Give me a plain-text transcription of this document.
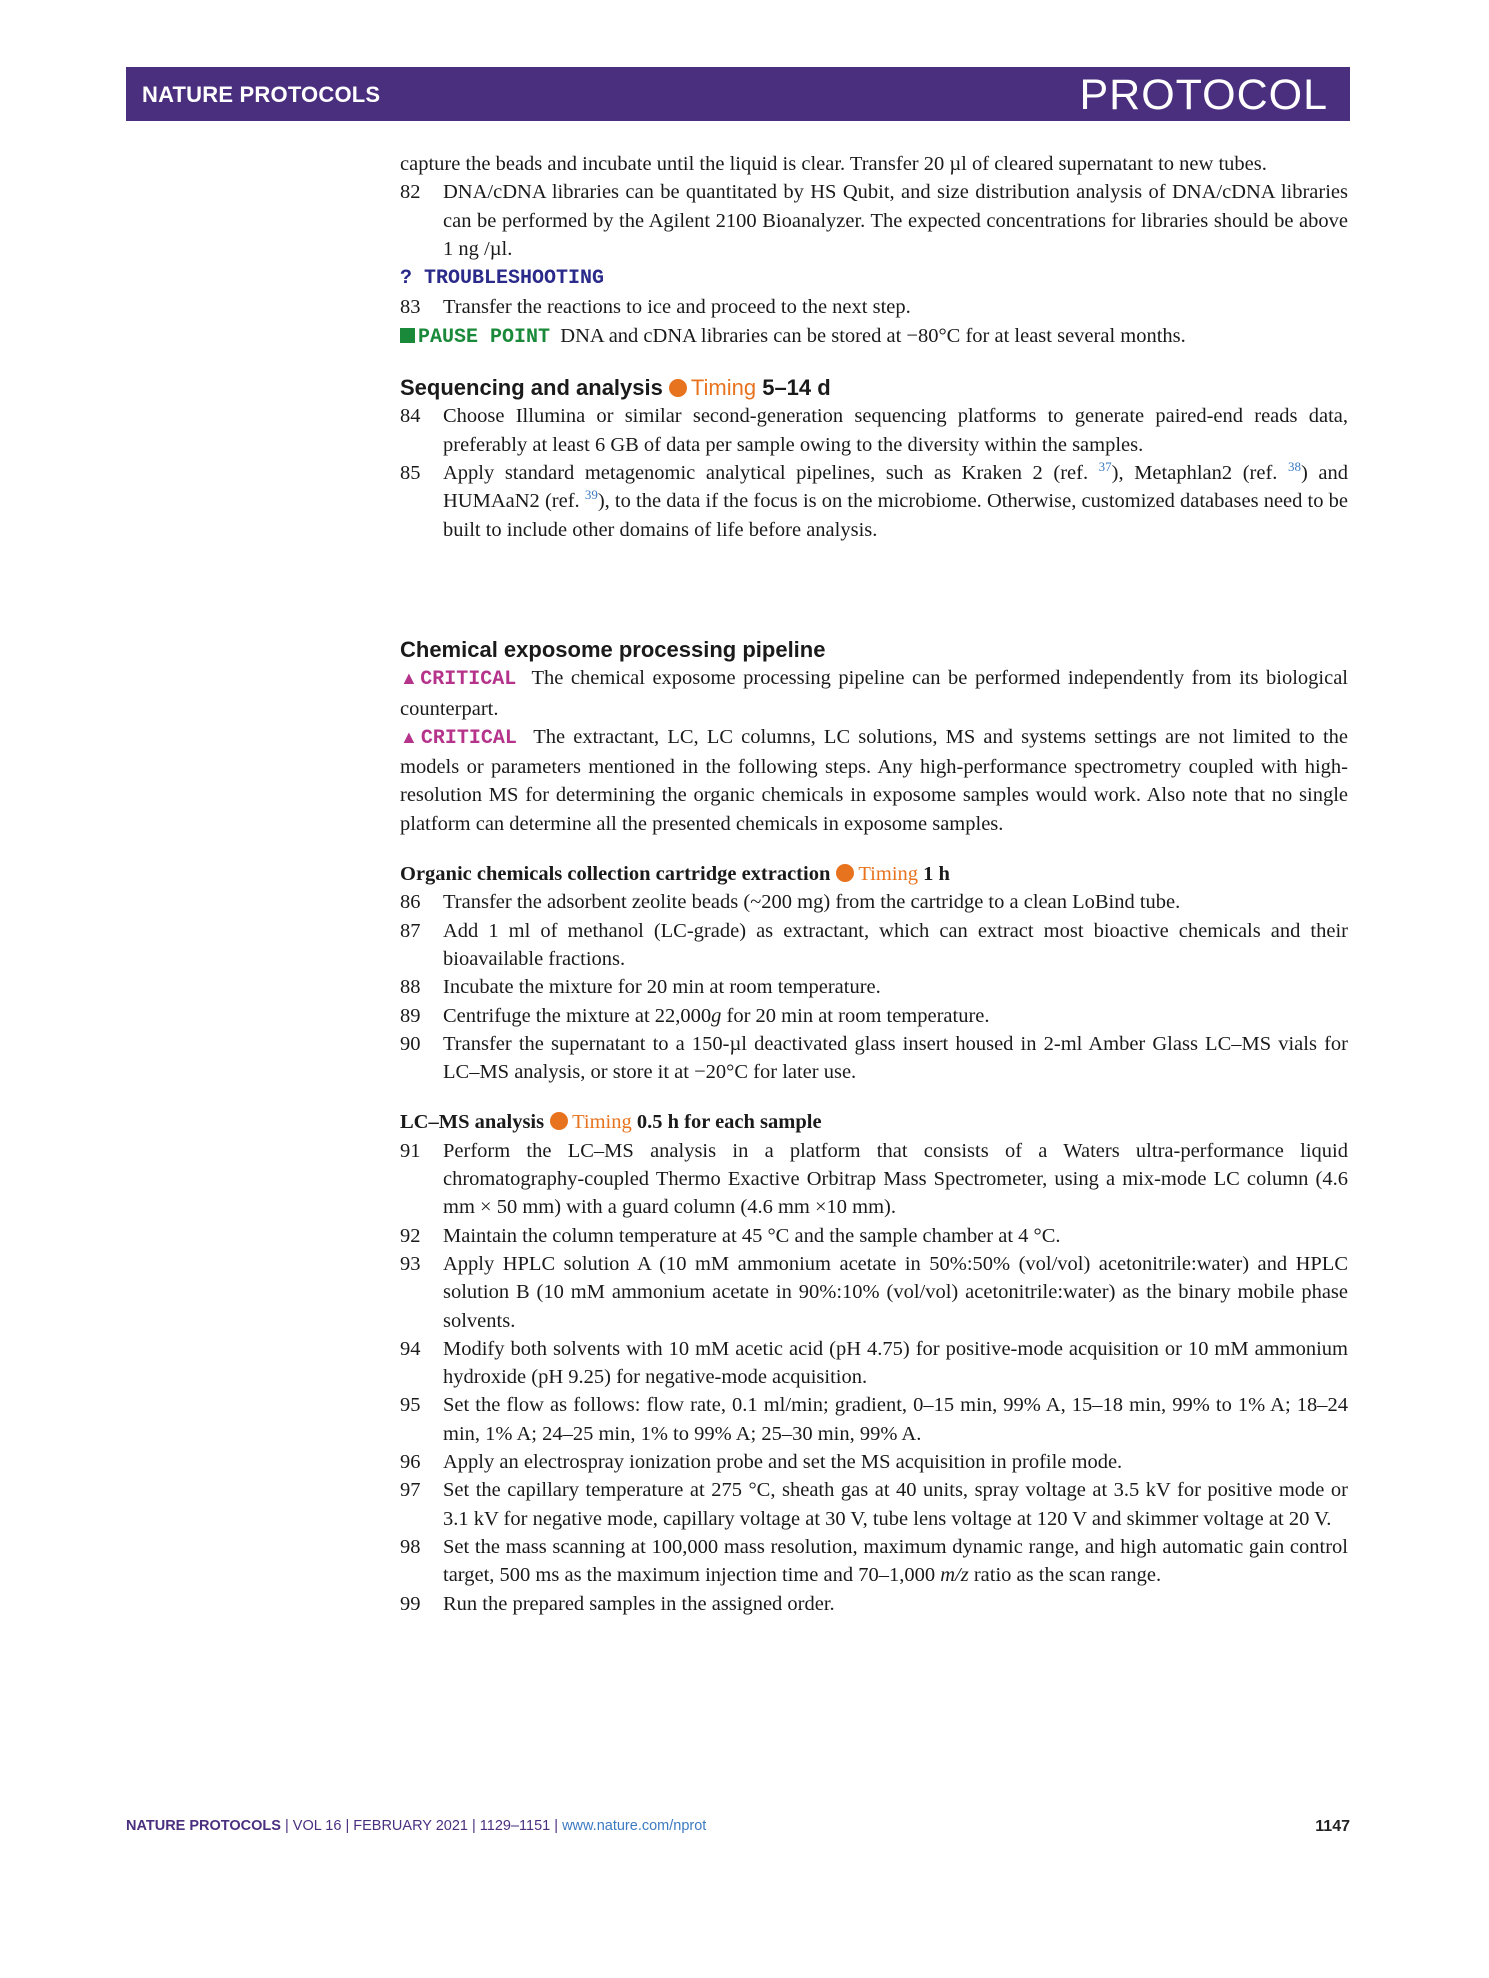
NATURE PROTOCOLS	PROTOCOL

capture the beads and incubate until the liquid is clear. Transfer 20 µl of cleared supernatant to new tubes.

82	DNA/cDNA libraries can be quantitated by HS Qubit, and size distribution analysis of DNA/cDNA libraries can be performed by the Agilent 2100 Bioanalyzer. The expected concentrations for libraries should be above 1 ng /µl.

? TROUBLESHOOTING

83	Transfer the reactions to ice and proceed to the next step.

PAUSE POINT DNA and cDNA libraries can be stored at −80°C for at least several months.

Sequencing and analysis Timing 5–14 d

84	Choose Illumina or similar second-generation sequencing platforms to generate paired-end reads data, preferably at least 6 GB of data per sample owing to the diversity within the samples.
85	Apply standard metagenomic analytical pipelines, such as Kraken 2 (ref. $^{37}$), Metaphlan2 (ref. $^{38}$) and HUMAaN2 (ref. $^{39}$), to the data if the focus is on the microbiome. Otherwise, customized databases need to be built to include other domains of life before analysis.

Chemical exposome processing pipeline

▲CRITICAL The chemical exposome processing pipeline can be performed independently from its biological counterpart.

▲CRITICAL The extractant, LC, LC columns, LC solutions, MS and systems settings are not limited to the models or parameters mentioned in the following steps. Any high-performance spectrometry coupled with high-resolution MS for determining the organic chemicals in exposome samples would work. Also note that no single platform can determine all the presented chemicals in exposome samples.

Organic chemicals collection cartridge extraction Timing 1 h

86	Transfer the adsorbent zeolite beads (~200 mg) from the cartridge to a clean LoBind tube.
87	Add 1 ml of methanol (LC-grade) as extractant, which can extract most bioactive chemicals and their bioavailable fractions.
88	Incubate the mixture for 20 min at room temperature.
89	Centrifuge the mixture at 22,000g for 20 min at room temperature.
90	Transfer the supernatant to a 150-µl deactivated glass insert housed in 2-ml Amber Glass LC–MS vials for LC–MS analysis, or store it at −20°C for later use.

LC–MS analysis Timing 0.5 h for each sample

91	Perform the LC–MS analysis in a platform that consists of a Waters ultra-performance liquid chromatography-coupled Thermo Exactive Orbitrap Mass Spectrometer, using a mix-mode LC column (4.6 mm × 50 mm) with a guard column (4.6 mm ×10 mm).
92	Maintain the column temperature at 45 °C and the sample chamber at 4 °C.
93	Apply HPLC solution A (10 mM ammonium acetate in 50%:50% (vol/vol) acetonitrile:water) and HPLC solution B (10 mM ammonium acetate in 90%:10% (vol/vol) acetonitrile:water) as the binary mobile phase solvents.
94	Modify both solvents with 10 mM acetic acid (pH 4.75) for positive-mode acquisition or 10 mM ammonium hydroxide (pH 9.25) for negative-mode acquisition.
95	Set the flow as follows: flow rate, 0.1 ml/min; gradient, 0–15 min, 99% A, 15–18 min, 99% to 1% A; 18–24 min, 1% A; 24–25 min, 1% to 99% A; 25–30 min, 99% A.
96	Apply an electrospray ionization probe and set the MS acquisition in profile mode.
97	Set the capillary temperature at 275 °C, sheath gas at 40 units, spray voltage at 3.5 kV for positive mode or 3.1 kV for negative mode, capillary voltage at 30 V, tube lens voltage at 120 V and skimmer voltage at 20 V.
98	Set the mass scanning at 100,000 mass resolution, maximum dynamic range, and high automatic gain control target, 500 ms as the maximum injection time and 70–1,000 m/z ratio as the scan range.
99	Run the prepared samples in the assigned order.
NATURE PROTOCOLS | VOL 16 | FEBRUARY 2021 | 1129–1151 | www.nature.com/nprot	1147
